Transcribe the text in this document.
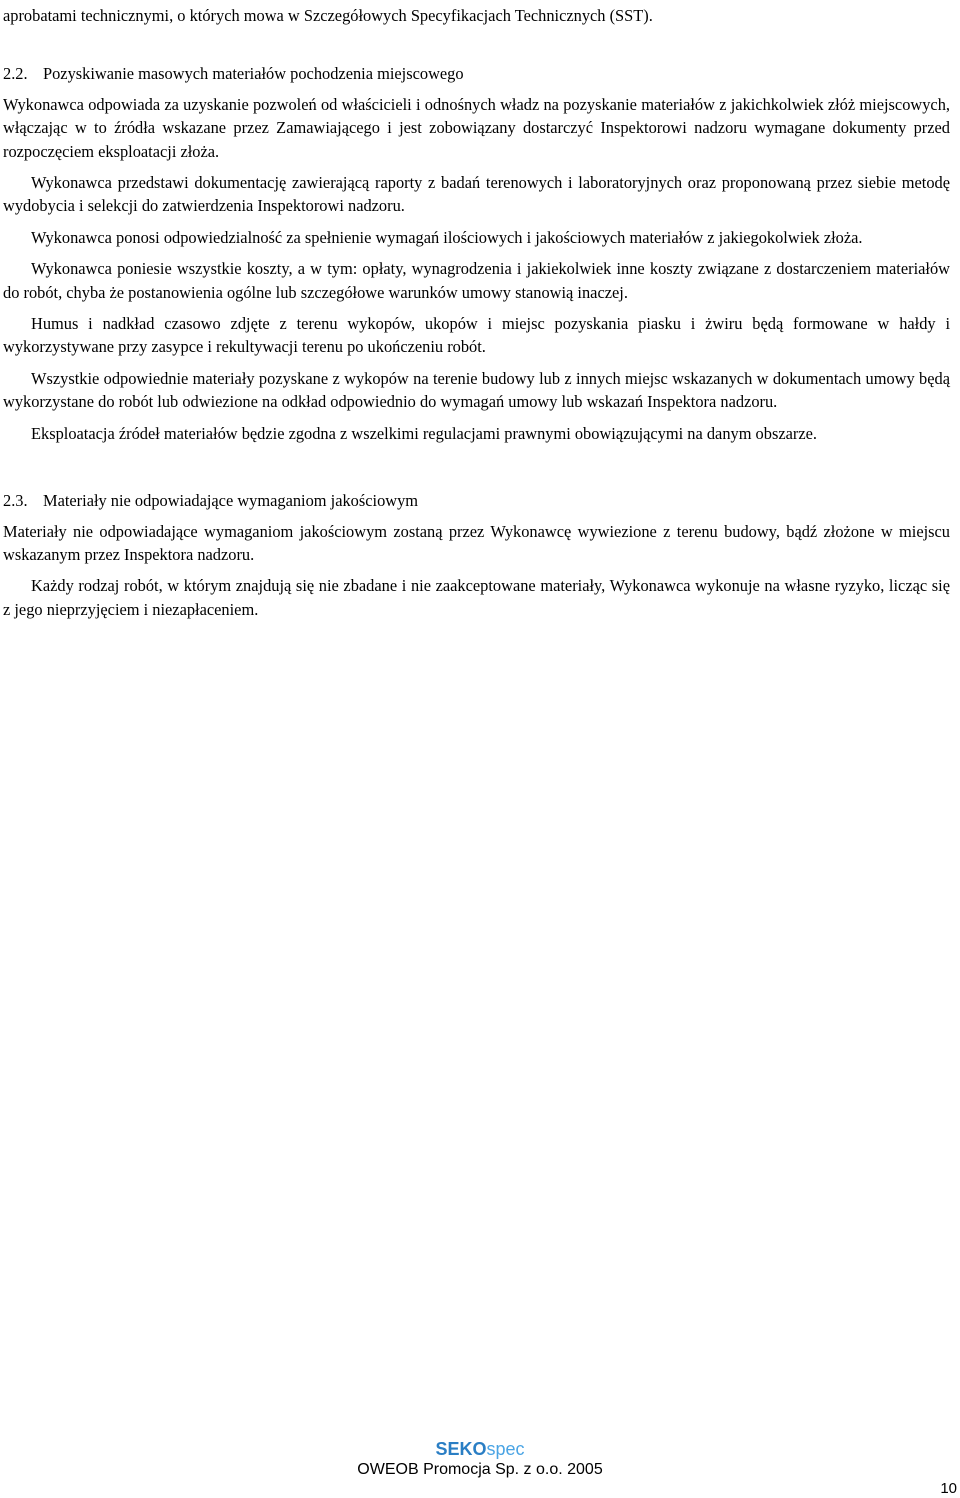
aprobatami technicznymi, o których mowa w Szczegółowych Specyfikacjach Technicznych (SST).

2.2. Pozyskiwanie masowych materiałów pochodzenia miejscowego

Wykonawca odpowiada za uzyskanie pozwoleń od właścicieli i odnośnych władz na pozyskanie materiałów z jakichkolwiek złóż miejscowych, włączając w to źródła wskazane przez Zamawiającego i jest zobowiązany dostarczyć Inspektorowi nadzoru wymagane dokumenty przed rozpoczęciem eksploatacji złoża.

Wykonawca przedstawi dokumentację zawierającą raporty z badań terenowych i laboratoryjnych oraz proponowaną przez siebie metodę wydobycia i selekcji do zatwierdzenia Inspektorowi nadzoru.

Wykonawca ponosi odpowiedzialność za spełnienie wymagań ilościowych i jakościowych materiałów z jakiegokolwiek złoża.

Wykonawca poniesie wszystkie koszty, a w tym: opłaty, wynagrodzenia i jakiekolwiek inne koszty związane z dostarczeniem materiałów do robót, chyba że postanowienia ogólne lub szczegółowe warunków umowy stanowią inaczej.

Humus i nadkład czasowo zdjęte z terenu wykopów, ukopów i miejsc pozyskania piasku i żwiru będą formowane w hałdy i wykorzystywane przy zasypce i rekultywacji terenu po ukończeniu robót.

Wszystkie odpowiednie materiały pozyskane z wykopów na terenie budowy lub z innych miejsc wskazanych w dokumentach umowy będą wykorzystane do robót lub odwiezione na odkład odpowiednio do wymagań umowy lub wskazań Inspektora nadzoru.

Eksploatacja źródeł materiałów będzie zgodna z wszelkimi regulacjami prawnymi obowiązującymi na danym obszarze.

2.3. Materiały nie odpowiadające wymaganiom jakościowym

Materiały nie odpowiadające wymaganiom jakościowym zostaną przez Wykonawcę wywiezione z terenu budowy, bądź złożone w miejscu wskazanym przez Inspektora nadzoru.

Każdy rodzaj robót, w którym znajdują się nie zbadane i nie zaakceptowane materiały, Wykonawca wykonuje na własne ryzyko, licząc się z jego nieprzyjęciem i niezapłaceniem.

SEKOspec
OWEOB Promocja Sp. z o.o. 2005
10
